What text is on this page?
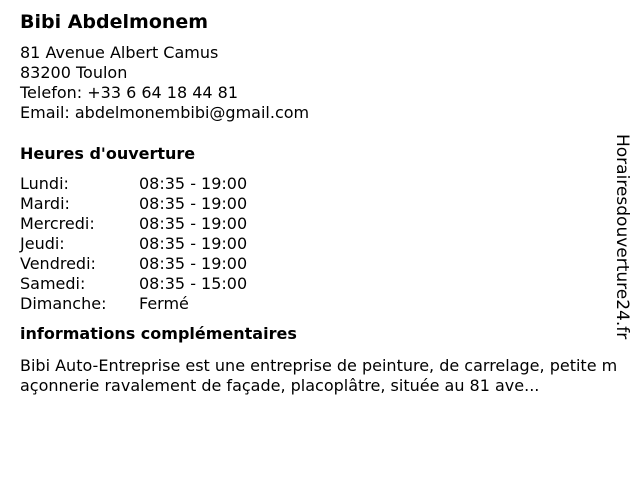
Bibi Abdelmonem
81 Avenue Albert Camus
83200 Toulon
Telefon: +33 6 64 18 44 81
Email: abdelmonembibi@gmail.com
Heures d'ouverture
Lundi:	08:35 - 19:00
Mardi:	08:35 - 19:00
Mercredi:	08:35 - 19:00
Jeudi:	08:35 - 19:00
Vendredi:	08:35 - 19:00
Samedi:	08:35 - 15:00
Dimanche:	Fermé
informations complémentaires
Bibi Auto-Entreprise est une entreprise de peinture, de carrelage, petite maçonnerie ravalement de façade, placoplâtre, située au 81 ave...
Horairesdouverture24.fr
